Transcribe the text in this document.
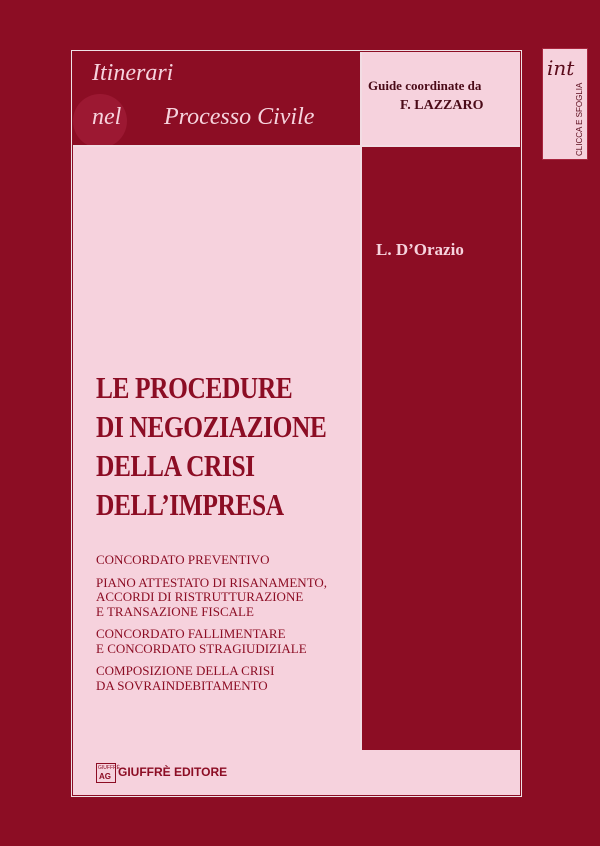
Itinerari
nel Processo Civile
Guide coordinate da
F. LAZZARO
L. D’Orazio
LE PROCEDURE
DI NEGOZIAZIONE
DELLA CRISI
DELL’IMPRESA
CONCORDATO PREVENTIVO
PIANO ATTESTATO DI RISANAMENTO,
ACCORDI DI RISTRUTTURAZIONE
E TRANSAZIONE FISCALE
CONCORDATO FALLIMENTARE
E CONCORDATO STRAGIUDIZIALE
COMPOSIZIONE DELLA CRISI
DA SOVRAINDEBITAMENTO
GIUFFRÈ
AG GIUFFRÈ EDITORE
int
CLICCA E SFOGLIA
